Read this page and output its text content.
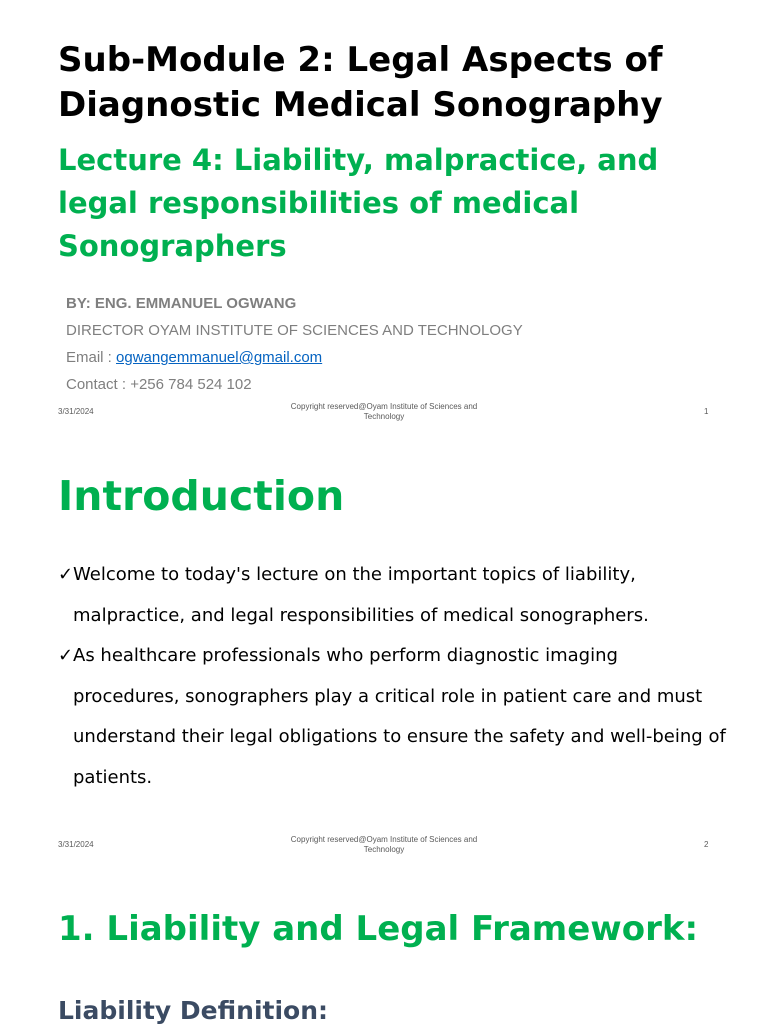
Sub-Module 2: Legal Aspects of Diagnostic Medical Sonography
Lecture 4: Liability, malpractice, and legal responsibilities of medical Sonographers
BY: ENG. EMMANUEL OGWANG
DIRECTOR OYAM INSTITUTE OF SCIENCES AND TECHNOLOGY
Email : ogwangemmanuel@gmail.com
Contact : +256 784 524 102
3/31/2024
Copyright reserved@Oyam Institute of Sciences and
Technology
1
Introduction
✓Welcome to today's lecture on the important topics of liability, malpractice, and legal responsibilities of medical sonographers.
✓As healthcare professionals who perform diagnostic imaging procedures, sonographers play a critical role in patient care and must understand their legal obligations to ensure the safety and well-being of patients.
3/31/2024
Copyright reserved@Oyam Institute of Sciences and
Technology
2
1. Liability and Legal Framework:
Liability Definition:
